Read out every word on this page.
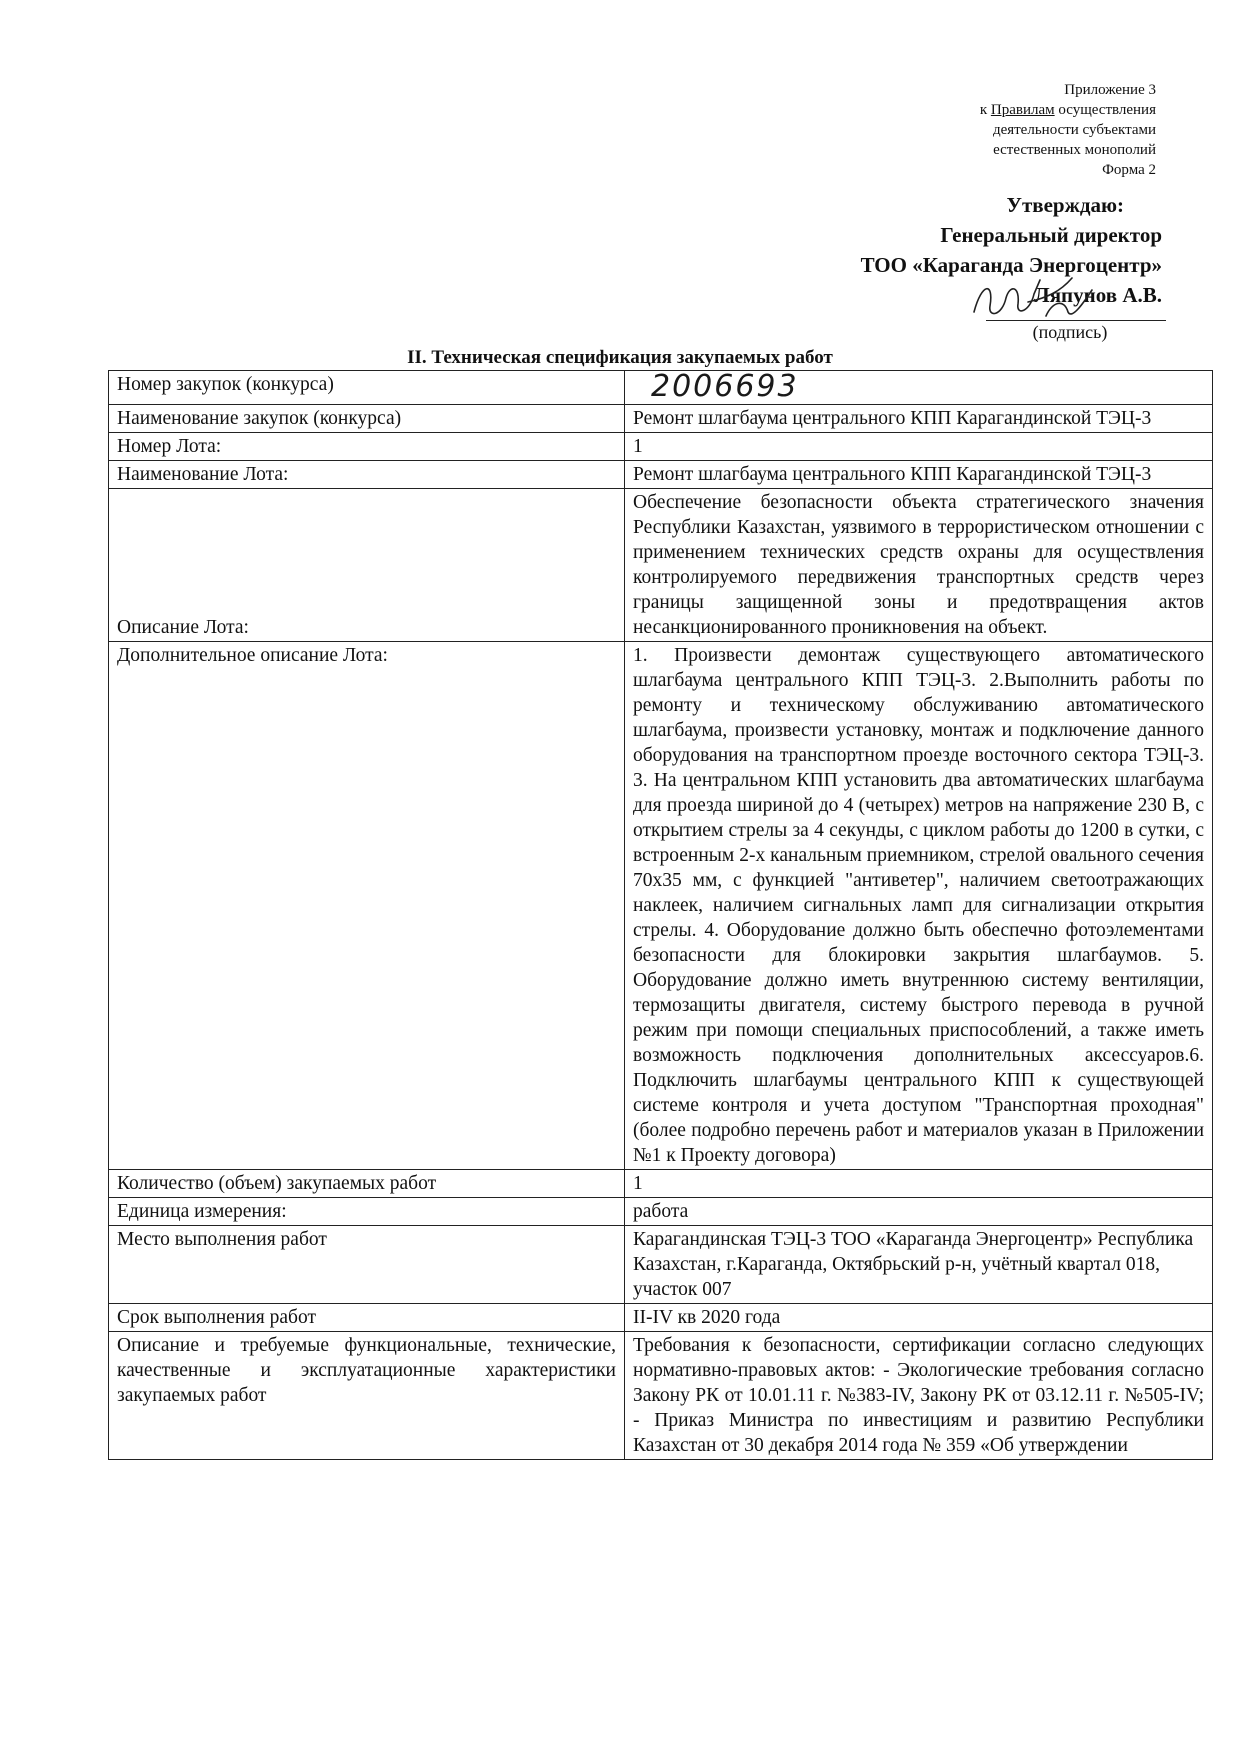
Приложение 3
к Правилам осуществления
деятельности субъектами
естественных монополий
Форма 2
Утверждаю:
Генеральный директор
ТОО «Караганда Энергоцентр»
Ляпунов А.В.
(подпись)
II. Техническая спецификация закупаемых работ
Номер закупок (конкурса)	2006693
Наименование закупок (конкурса)	Ремонт шлагбаума центрального КПП Карагандинской ТЭЦ-3
Номер Лота:	1
Наименование Лота:	Ремонт шлагбаума центрального КПП Карагандинской ТЭЦ-3
Описание Лота:	Обеспечение безопасности объекта стратегического значения Республики Казахстан, уязвимого в террористическом отношении с применением технических средств охраны для осуществления контролируемого передвижения транспортных средств через границы защищенной зоны и предотвращения актов несанкционированного проникновения на объект.
Дополнительное описание Лота:	1. Произвести демонтаж существующего автоматического шлагбаума центрального КПП ТЭЦ-3. 2.Выполнить работы по ремонту и техническому обслуживанию автоматического шлагбаума, произвести установку, монтаж и подключение данного оборудования на транспортном проезде восточного сектора ТЭЦ-3. 3. На центральном КПП установить два автоматических шлагбаума для проезда шириной до 4 (четырех) метров на напряжение 230 В, с открытием стрелы за 4 секунды, с циклом работы до 1200 в сутки, с встроенным 2-х канальным приемником, стрелой овального сечения 70х35 мм, с функцией "антиветер", наличием светоотражающих наклеек, наличием сигнальных ламп для сигнализации открытия стрелы. 4. Оборудование должно быть обеспечно фотоэлементами безопасности для блокировки закрытия шлагбаумов. 5. Оборудование должно иметь внутреннюю систему вентиляции, термозащиты двигателя, систему быстрого перевода в ручной режим при помощи специальных приспособлений, а также иметь возможность подключения дополнительных аксессуаров.6. Подключить шлагбаумы центрального КПП к существующей системе контроля и учета доступом "Транспортная проходная" (более подробно перечень работ и материалов указан в Приложении №1 к Проекту договора)
Количество (объем) закупаемых работ	1
Единица измерения:	работа
Место выполнения работ	Карагандинская ТЭЦ-3 ТОО «Караганда Энергоцентр» Республика Казахстан, г.Караганда, Октябрьский р-н, учётный квартал 018, участок 007
Срок выполнения работ	II-IV кв 2020 года
Описание и требуемые функциональные, технические, качественные и эксплуатационные характеристики закупаемых работ	Требования к безопасности, сертификации согласно следующих нормативно-правовых актов: - Экологические требования согласно Закону РК от 10.01.11 г. №383-IV, Закону РК от 03.12.11 г. №505-IV; - Приказ Министра по инвестициям и развитию Республики Казахстан от 30 декабря 2014 года № 359 «Об утверждении
